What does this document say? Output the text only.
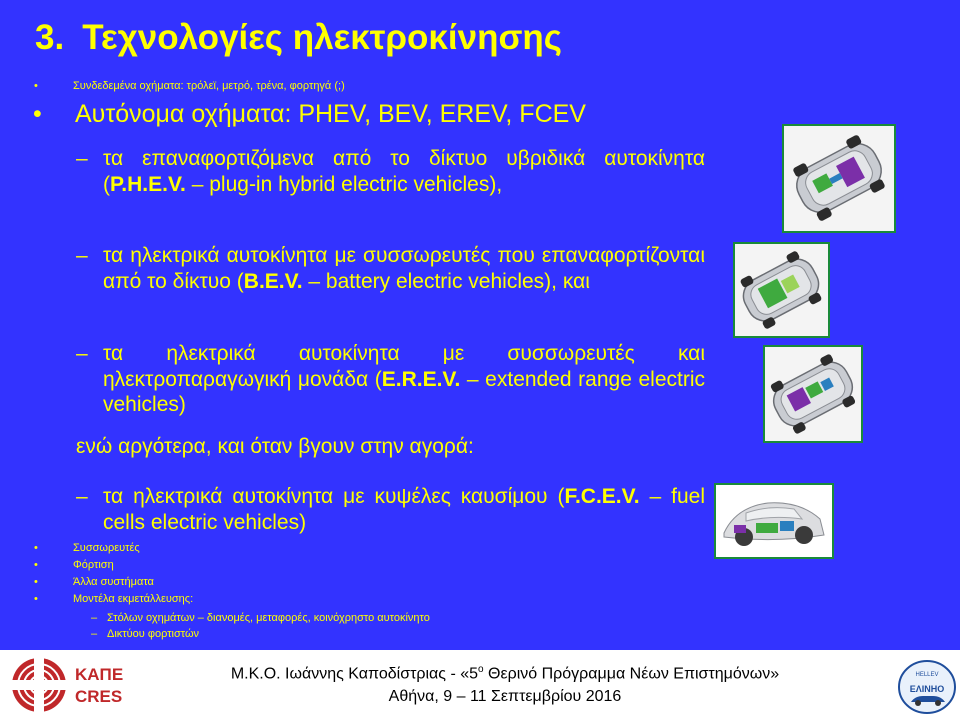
3. Τεχνολογίες ηλεκτροκίνησης
•	Συνδεδεμένα οχήματα: τρόλεϊ, μετρό, τρένα, φορτηγά (;)
• Αυτόνομα οχήματα: PHEV, BEV, EREV, FCEV
– τα επαναφορτιζόμενα από το δίκτυο υβριδικά αυτοκίνητα (P.H.E.V. – plug-in hybrid electric vehicles),
– τα ηλεκτρικά αυτοκίνητα με συσσωρευτές που επαναφορτίζονται από το δίκτυο (B.E.V. – battery electric vehicles), και
– τα ηλεκτρικά αυτοκίνητα με συσσωρευτές και ηλεκτροπαραγωγική μονάδα (E.R.E.V. – extended range electric vehicles)
ενώ αργότερα, και όταν βγουν στην αγορά:
– τα ηλεκτρικά αυτοκίνητα με κυψέλες καυσίμου (F.C.E.V. – fuel cells electric vehicles)
•	Συσσωρευτές
•	Φόρτιση
•	Άλλα συστήματα
•	Μοντέλα εκμετάλλευσης:
– Στόλων οχημάτων – διανομές, μεταφορές, κοινόχρηστο αυτοκίνητο
– Δικτύου φορτιστών
ΚΑΠΕ
CRES
Μ.Κ.Ο. Ιωάννης Καποδίστριας - «$5^o$ Θερινό Πρόγραμμα Νέων Επιστημόνων»
Αθήνα, 9 – 11 Σεπτεμβρίου 2016
HELLEV
ΕΛΙΝΗΟ
